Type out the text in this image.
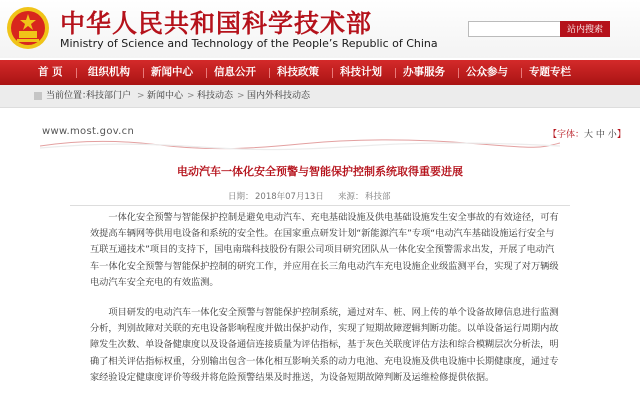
中华人民共和国科学技术部
Ministry of Science and Technology of the People’s Republic of China
站内搜索
首 页 组织机构 新闻中心 信息公开 科技政策 科技计划 办事服务 公众参与 专题专栏
当前位置：
科技部门户 > 新闻中心 > 科技动态 > 国内外科技动态
www.most.gov.cn	【字体：大 中 小】
电动汽车一体化安全预警与智能保护控制系统取得重要进展
日期： 2018年07月13日 来源： 科技部

一体化安全预警与智能保护控制是避免电动汽车、充电基础设施及供电基础设施发生安全事故的有效途径，可有效提高车辆网等供用电设备和系统的安全性。在国家重点研发计划“新能源汽车”专项“电动汽车基础设施运行安全与互联互通技术”项目的支持下，国电南瑞科技股份有限公司项目研究团队从一体化安全预警需求出发，开展了电动汽车一体化安全预警与智能保护控制的研究工作，并应用在长三角电动汽车充电设施企业级监测平台，实现了对万辆级电动汽车安全充电的有效监测。

项目研发的电动汽车一体化安全预警与智能保护控制系统，通过对车、桩、网上传的单个设备故障信息进行监测分析，判别故障对关联的充电设备影响程度并做出保护动作，实现了短期故障逻辑判断功能。以单设备运行周期内故障发生次数、单设备健康度以及设备通信连接质量为评估指标，基于灰色关联度评估方法和综合模糊层次分析法，明确了相关评估指标权重，分别输出包含一体化相互影响关系的动力电池、充电设施及供电设施中长期健康度，通过专家经验设定健康度评价等级并将危险预警结果及时推送，为设备短期故障判断及运维检修提供依据。
